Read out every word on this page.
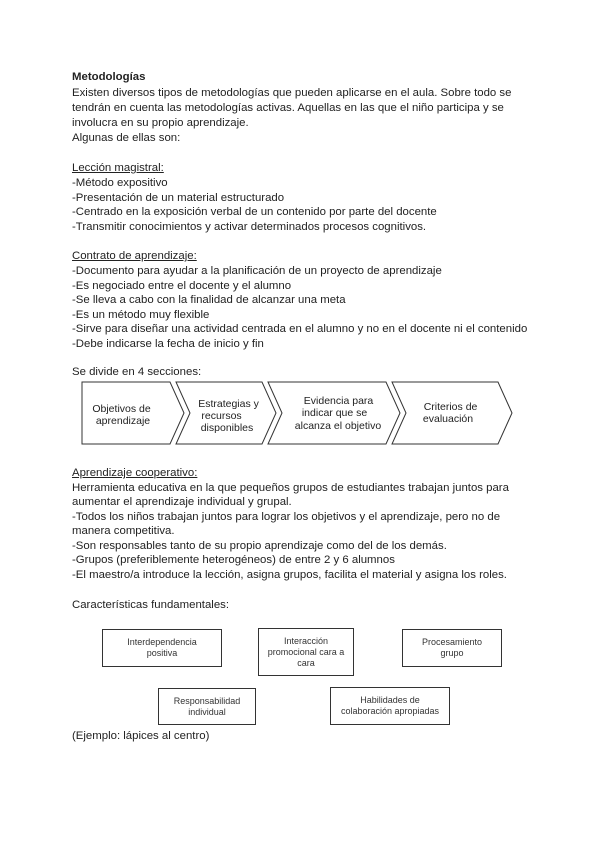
Metodologías
Existen diversos tipos de metodologías que pueden aplicarse en el aula. Sobre todo se
tendrán en cuenta las metodologías activas. Aquellas en las que el niño participa y se
involucra en su propio aprendizaje.
Algunas de ellas son:
Lección magistral:
-Método expositivo
-Presentación de un material estructurado
-Centrado en la exposición verbal de un contenido por parte del docente
-Transmitir conocimientos y activar determinados procesos cognitivos.
Contrato de aprendizaje:
-Documento para ayudar a la planificación de un proyecto de aprendizaje
-Es negociado entre el docente y el alumno
-Se lleva a cabo con la finalidad de alcanzar una meta
-Es un método muy flexible
-Sirve para diseñar una actividad centrada en el alumno y no en el docente ni el contenido
-Debe indicarse la fecha de inicio y fin
Se divide en 4 secciones:
Objetivos de aprendizaje
Estrategias y recursos disponibles
Evidencia para indicar que se alcanza el objetivo
Criterios de evaluación
Aprendizaje cooperativo:
Herramienta educativa en la que pequeños grupos de estudiantes trabajan juntos para
aumentar el aprendizaje individual y grupal.
-Todos los niños trabajan juntos para lograr los objetivos y el aprendizaje, pero no de
manera competitiva.
-Son responsables tanto de su propio aprendizaje como del de los demás.
-Grupos (preferiblemente heterogéneos) de entre 2 y 6 alumnos
-El maestro/a introduce la lección, asigna grupos, facilita el material y asigna los roles.
Características fundamentales:
Interdependencia
positiva
Interacción
promocional cara a
cara
Procesamiento
grupo
Responsabilidad
individual
Habilidades de
colaboración apropiadas
(Ejemplo: lápices al centro)
